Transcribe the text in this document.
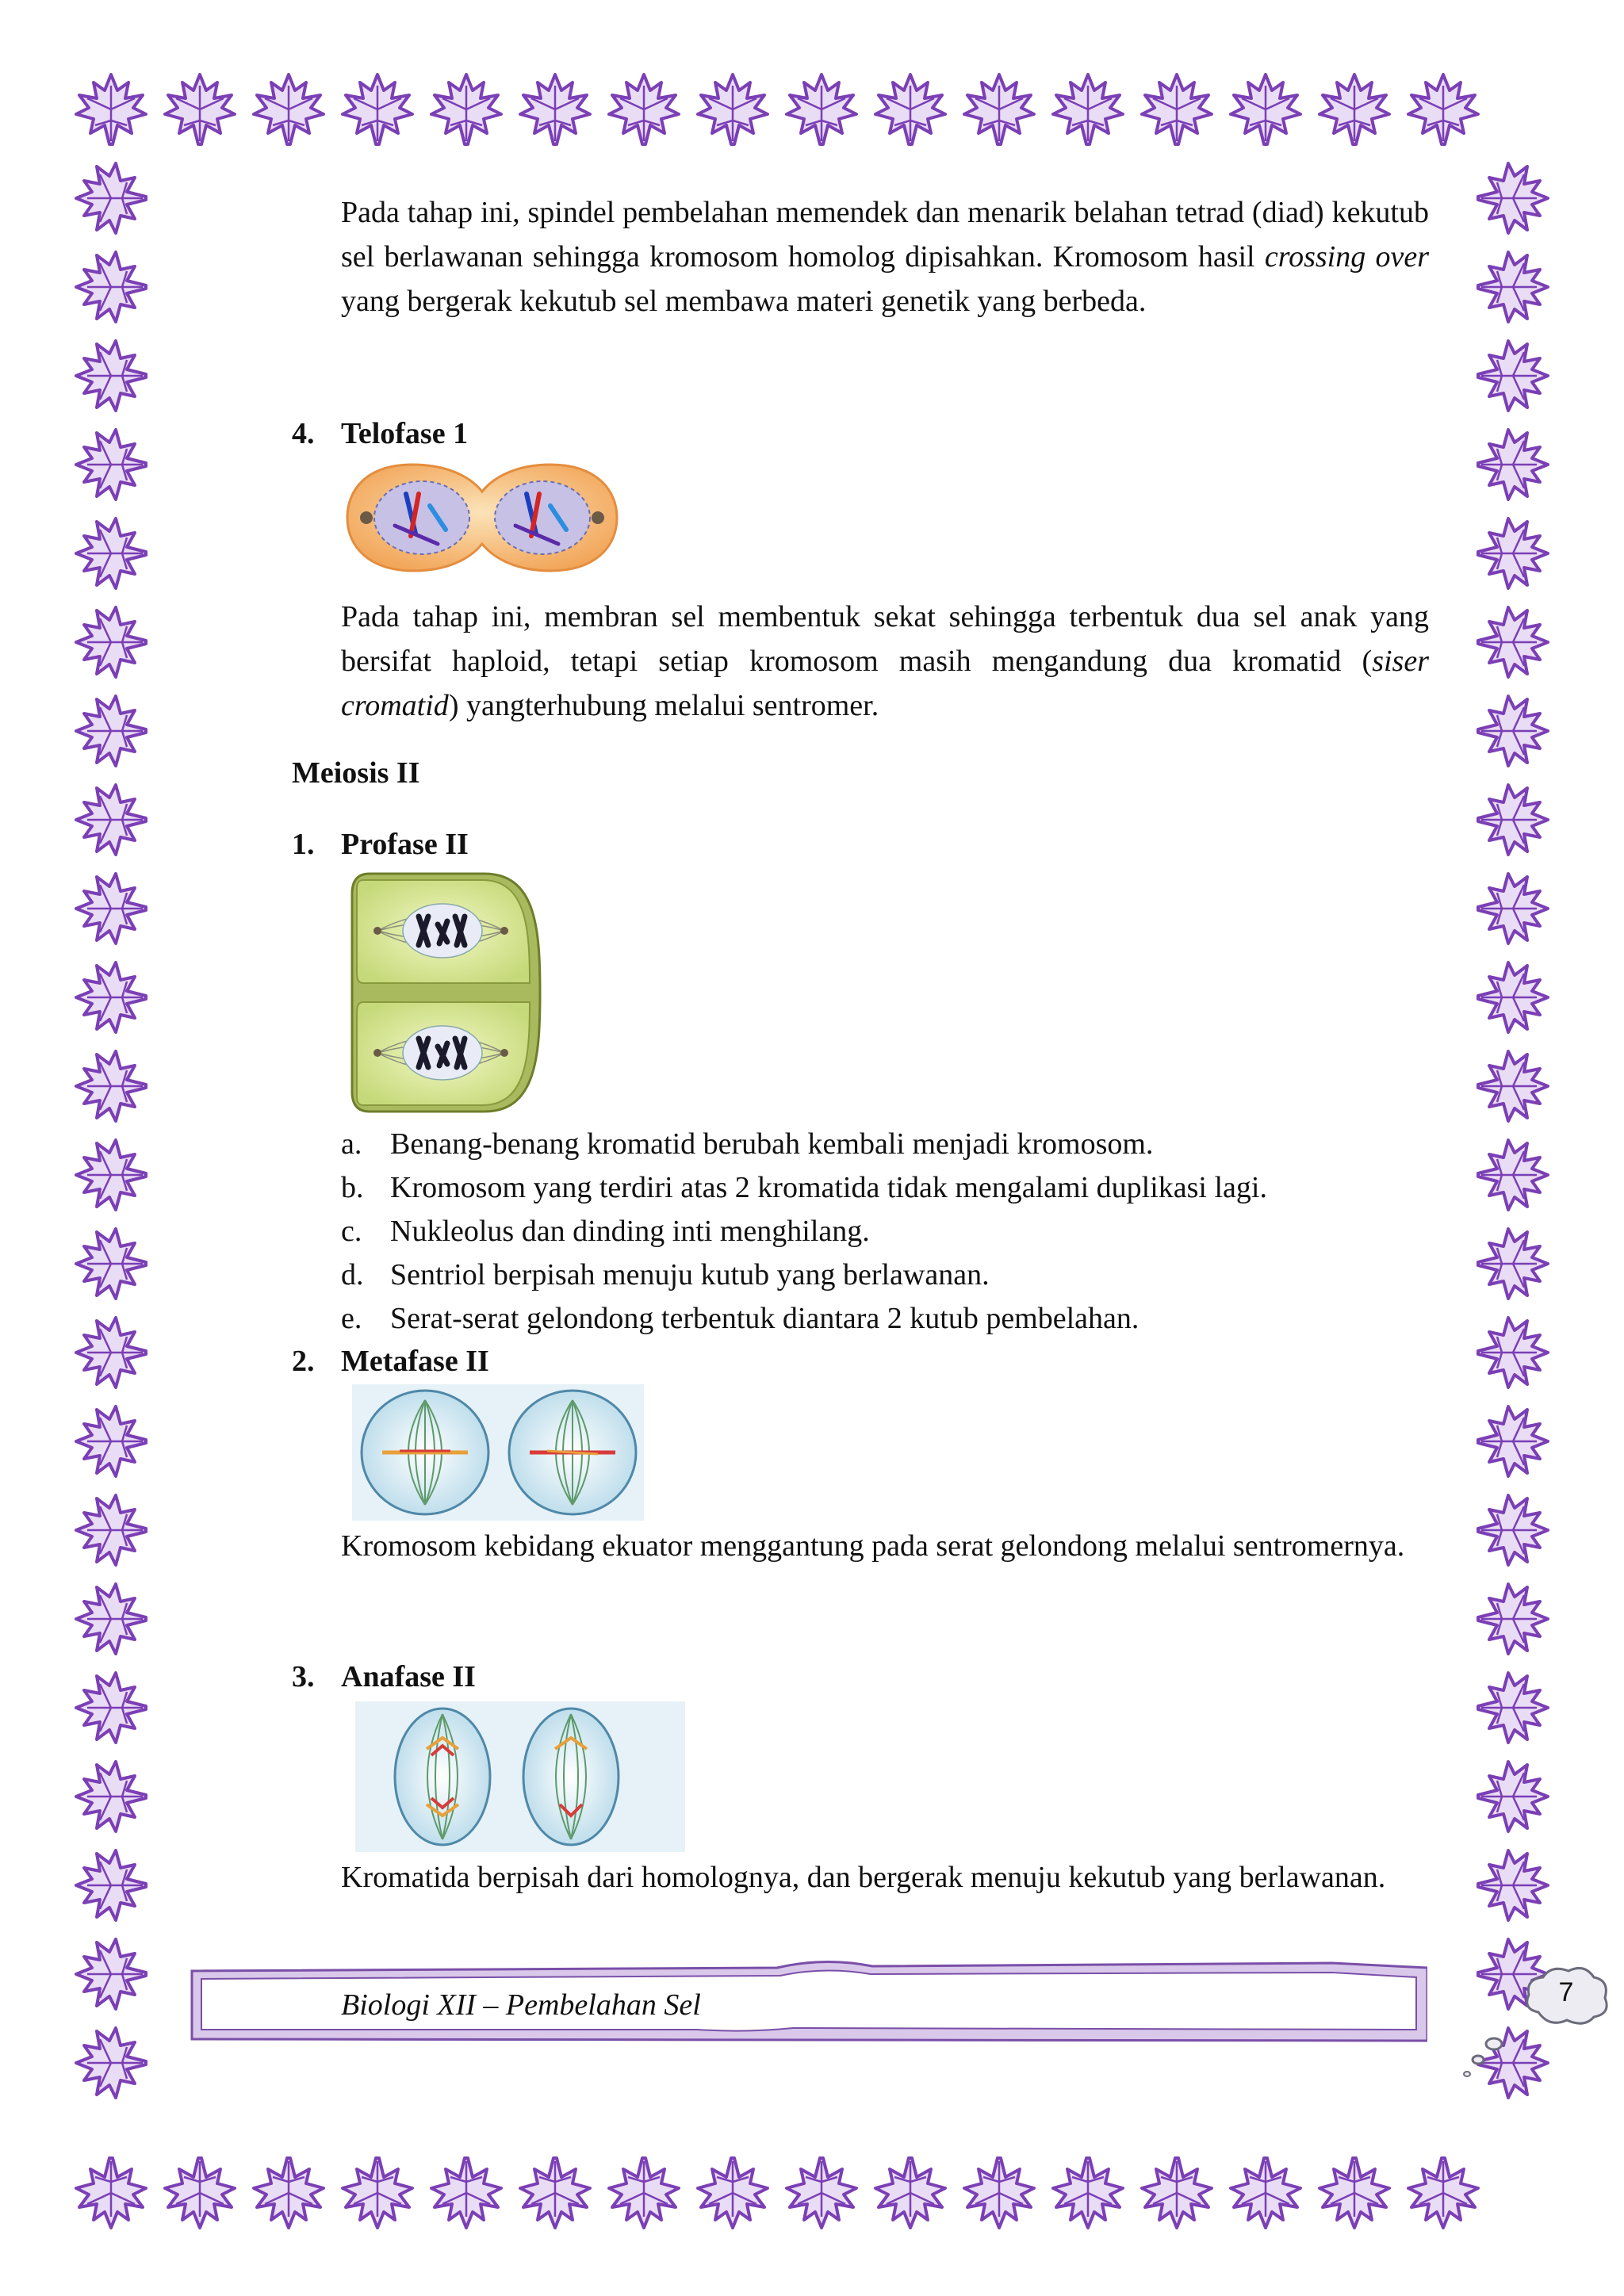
Pada tahap ini, spindel pembelahan memendek dan menarik belahan tetrad (diad) kekutub sel berlawanan sehingga kromosom homolog dipisahkan. Kromosom hasil crossing over yang bergerak kekutub sel membawa materi genetik yang berbeda.

4. Telofase 1

Pada tahap ini, membran sel membentuk sekat sehingga terbentuk dua sel anak yang bersifat haploid, tetapi setiap kromosom masih mengandung dua kromatid (siser cromatid) yangterhubung melalui sentromer.

Meiosis II
1. Profase II
a. Benang-benang kromatid berubah kembali menjadi kromosom.
b. Kromosom yang terdiri atas 2 kromatida tidak mengalami duplikasi lagi.
c. Nukleolus dan dinding inti menghilang.
d. Sentriol berpisah menuju kutub yang berlawanan.
e. Serat-serat gelondong terbentuk diantara 2 kutub pembelahan.
2. Metafase II

Kromosom kebidang ekuator menggantung pada serat gelondong melalui sentromernya.

3. Anafase II

Kromatida berpisah dari homolognya, dan bergerak menuju kekutub yang berlawanan.

Biologi XII – Pembelahan Sel	7
